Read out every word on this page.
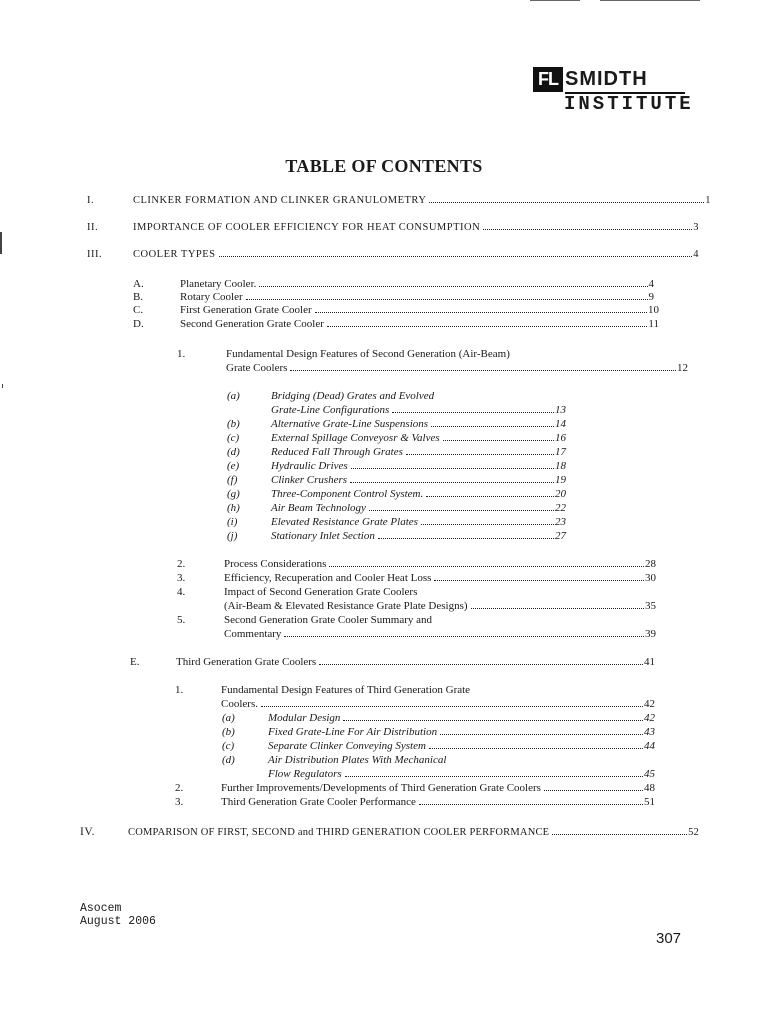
FL SMIDTH
INSTITUTE
TABLE OF CONTENTS
I.	CLINKER FORMATION AND CLINKER GRANULOMETRY	1
II.	IMPORTANCE OF COOLER EFFICIENCY FOR HEAT CONSUMPTION	3
III.	COOLER TYPES	4
A.	Planetary Cooler.	4
B.	Rotary Cooler	9
C.	First Generation Grate Cooler	10
D.	Second Generation Grate Cooler	11
1.	Fundamental Design Features of Second Generation (Air-Beam)
Grate Coolers	12
(a)	Bridging (Dead) Grates and Evolved
Grate-Line Configurations	13
(b)	Alternative Grate-Line Suspensions	14
(c)	External Spillage Conveyosr & Valves	16
(d)	Reduced Fall Through Grates	17
(e)	Hydraulic Drives	18
(f)	Clinker Crushers	19
(g)	Three-Component Control System.	20
(h)	Air Beam Technology	22
(i)	Elevated Resistance Grate Plates	23
(j)	Stationary Inlet Section	27
2.	Process Considerations	28
3.	Efficiency, Recuperation and Cooler Heat Loss	30
4.	Impact of Second Generation Grate Coolers
(Air-Beam & Elevated Resistance Grate Plate Designs)	35
5.	Second Generation Grate Cooler Summary and
Commentary	39
E.	Third Generation Grate Coolers	41
1.	Fundamental Design Features of Third Generation Grate
Coolers.	42
(a)	Modular Design	42
(b)	Fixed Grate-Line For Air Distribution	43
(c)	Separate Clinker Conveying System	44
(d)	Air Distribution Plates With Mechanical
Flow Regulators	45
2.	Further Improvements/Developments of Third Generation Grate Coolers	48
3.	Third Generation Grate Cooler Performance	51
IV.	COMPARISON OF FIRST, SECOND and THIRD GENERATION COOLER PERFORMANCE	52
Asocem
August 2006
307
